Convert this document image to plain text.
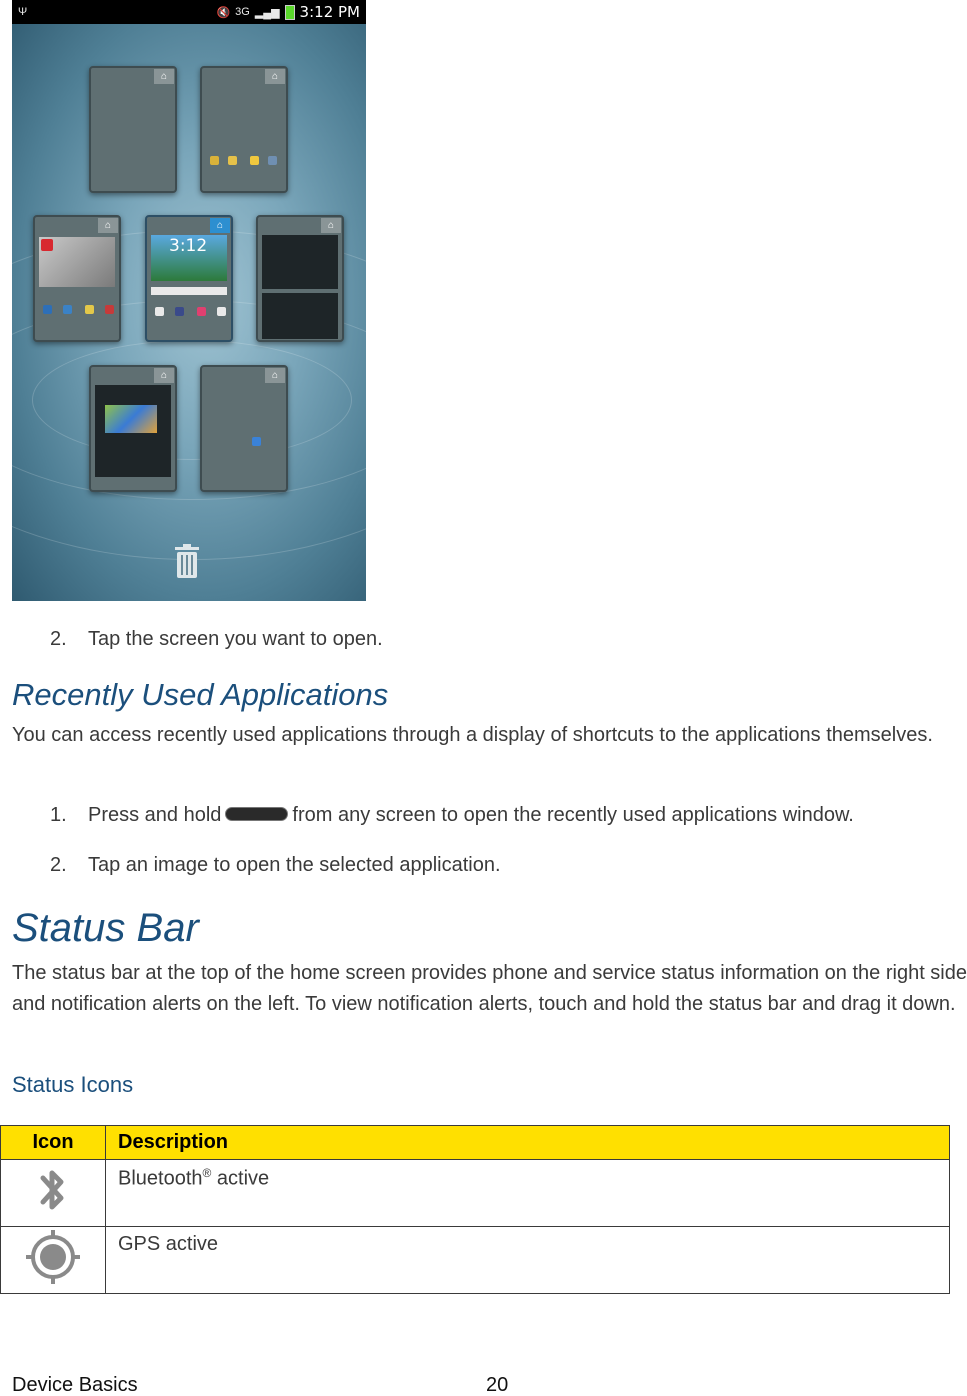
Ψ	🔇 3G ▂▄▆ 3:12 PM
⌂	⌂
⌂	⌂
3:12
⌂
⌂	⌂
2. Tap the screen you want to open.
Recently Used Applications
You can access recently used applications through a display of shortcuts to the applications themselves.
1. Press and hold	from any screen to open the recently used applications window.
2. Tap an image to open the selected application.
Status Bar
The status bar at the top of the home screen provides phone and service status information on the right side and notification alerts on the left. To view notification alerts, touch and hold the status bar and drag it down.
Status Icons
Icon	Description
	Bluetooth® active
	GPS active
Device Basics	20
